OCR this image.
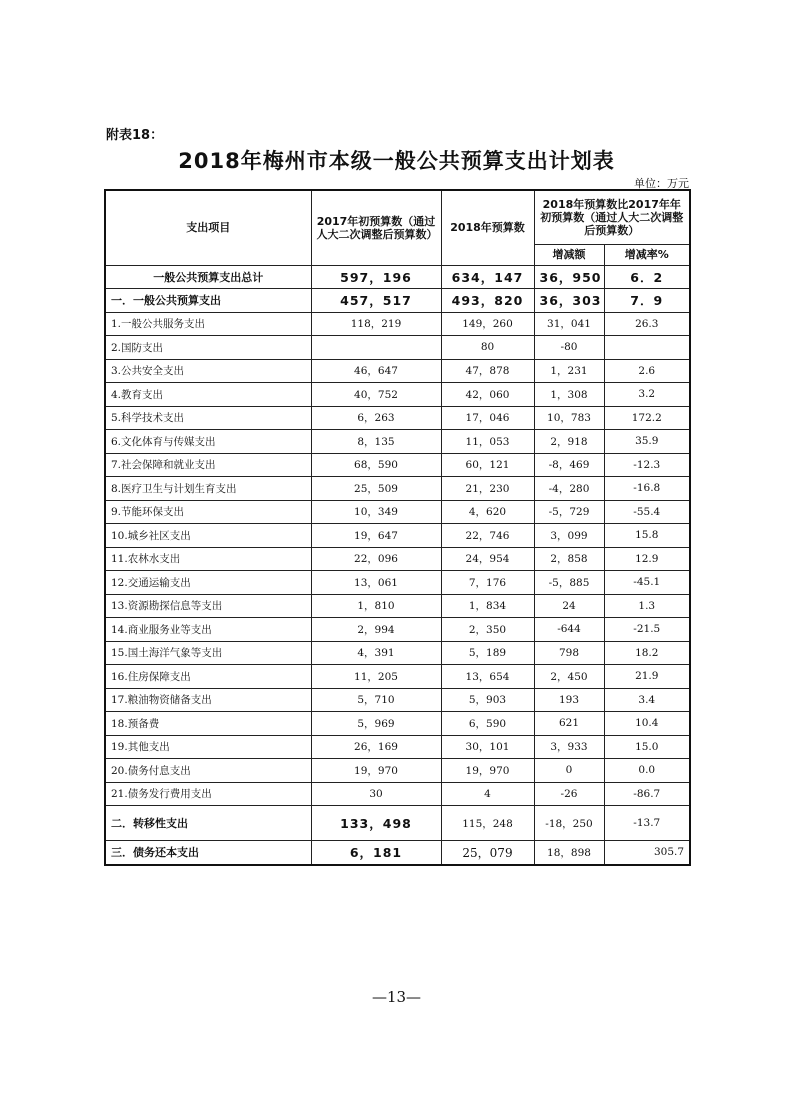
附表18：
2018年梅州市本级一般公共预算支出计划表
单位：万元
支出项目	2017年初预算数（通过人大二次调整后预算数）	2018年预算数	2018年预算数比2017年年初预算数（通过人大二次调整后预算数）	
			增减额	增减率%
一般公共预算支出总计	597，196	634，147	36，950	6．2
一．一般公共预算支出	457，517	493，820	36，303	7．9
1.一般公共服务支出	118，219	149，260	31，041	26.3
2.国防支出		80	-80	
3.公共安全支出	46，647	47，878	1，231	2.6
4.教育支出	40，752	42，060	1，308	3.2
5.科学技术支出	6，263	17，046	10，783	172.2
6.文化体育与传媒支出	8，135	11，053	2，918	35.9
7.社会保障和就业支出	68，590	60，121	-8，469	-12.3
8.医疗卫生与计划生育支出	25，509	21，230	-4，280	-16.8
9.节能环保支出	10，349	4，620	-5，729	-55.4
10.城乡社区支出	19，647	22，746	3，099	15.8
11.农林水支出	22，096	24，954	2，858	12.9
12.交通运输支出	13，061	7，176	-5，885	-45.1
13.资源勘探信息等支出	1，810	1，834	24	1.3
14.商业服务业等支出	2，994	2，350	-644	-21.5
15.国土海洋气象等支出	4，391	5，189	798	18.2
16.住房保障支出	11，205	13，654	2，450	21.9
17.粮油物资储备支出	5，710	5，903	193	3.4
18.预备费	5，969	6，590	621	10.4
19.其他支出	26，169	30，101	3，933	15.0
20.债务付息支出	19，970	19，970	0	0.0
21.债务发行费用支出	30	4	-26	-86.7
二．转移性支出	133，498	115，248	-18，250	-13.7
三．债务还本支出	6，181	25，079	18，898	305.7
—13—
